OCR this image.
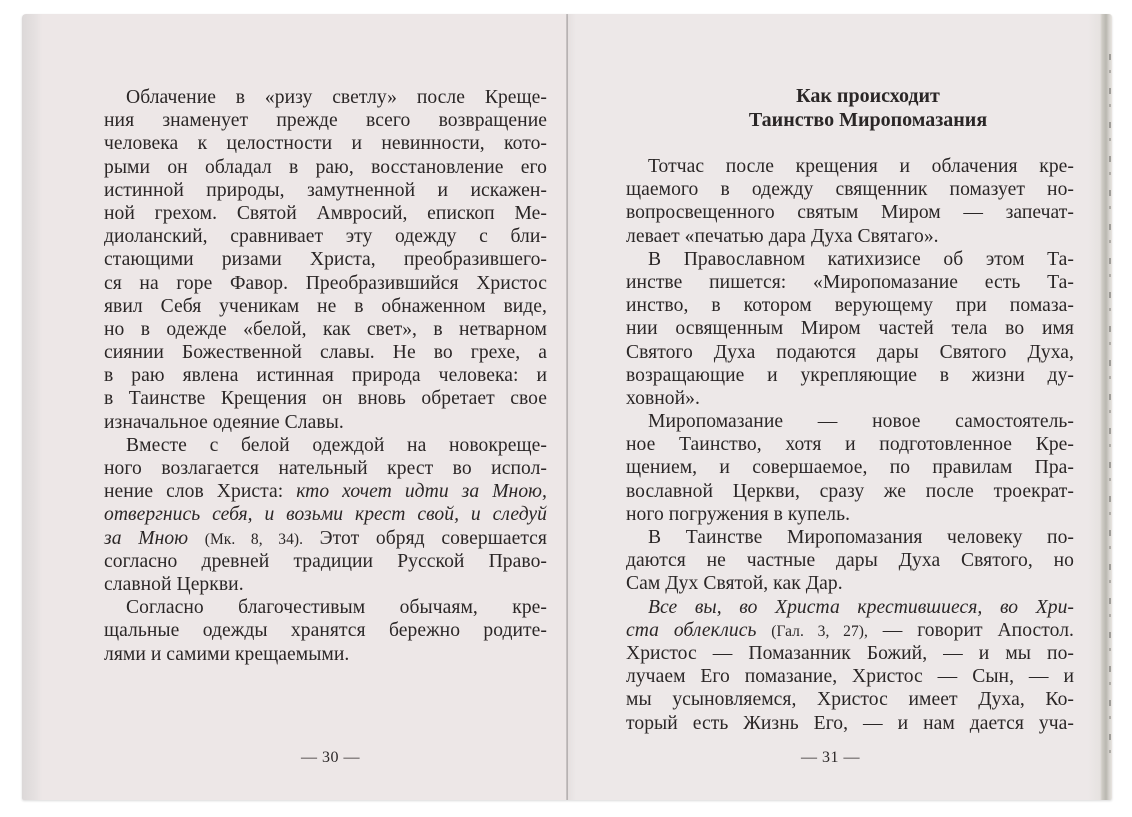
Облачение в «ризу светлу» после Креще-
ния знаменует прежде всего возвращение
человека к целостности и невинности, кото-
рыми он обладал в раю, восстановление его
истинной природы, замутненной и искажен-
ной грехом. Святой Амвросий, епископ Ме-
диоланский, сравнивает эту одежду с бли-
стающими ризами Христа, преобразившего-
ся на горе Фавор. Преобразившийся Христос
явил Себя ученикам не в обнаженном виде,
но в одежде «белой, как свет», в нетварном
сиянии Божественной славы. Не во грехе, а
в раю явлена истинная природа человека: и
в Таинстве Крещения он вновь обретает свое
изначальное одеяние Славы.
Вместе с белой одеждой на новокреще-
ного возлагается нательный крест во испол-
нение слов Христа: кто хочет идти за Мною,
отвергнись себя, и возьми крест свой, и следуй
за Мною (Мк. 8, 34). Этот обряд совершается
согласно древней традиции Русской Право-
славной Церкви.
Согласно благочестивым обычаям, кре-
щальные одежды хранятся бережно родите-
лями и самими крещаемыми.
— 30 —
Как происходит
Таинство Миропомазания
Тотчас после крещения и облачения кре-
щаемого в одежду священник помазует но-
вопросвещенного святым Миром — запечат-
левает «печатью дара Духа Святаго».
В Православном катихизисе об этом Та-
инстве пишется: «Миропомазание есть Та-
инство, в котором верующему при помаза-
нии освященным Миром частей тела во имя
Святого Духа подаются дары Святого Духа,
возращающие и укрепляющие в жизни ду-
ховной».
Миропомазание — новое самостоятель-
ное Таинство, хотя и подготовленное Кре-
щением, и совершаемое, по правилам Пра-
вославной Церкви, сразу же после троекрат-
ного погружения в купель.
В Таинстве Миропомазания человеку по-
даются не частные дары Духа Святого, но
Сам Дух Святой, как Дар.
Все вы, во Христа крестившиеся, во Хри-
ста облеклись (Гал. 3, 27), — говорит Апостол.
Христос — Помазанник Божий, — и мы по-
лучаем Его помазание, Христос — Сын, — и
мы усыновляемся, Христос имеет Духа, Ко-
торый есть Жизнь Его, — и нам дается уча-
— 31 —
